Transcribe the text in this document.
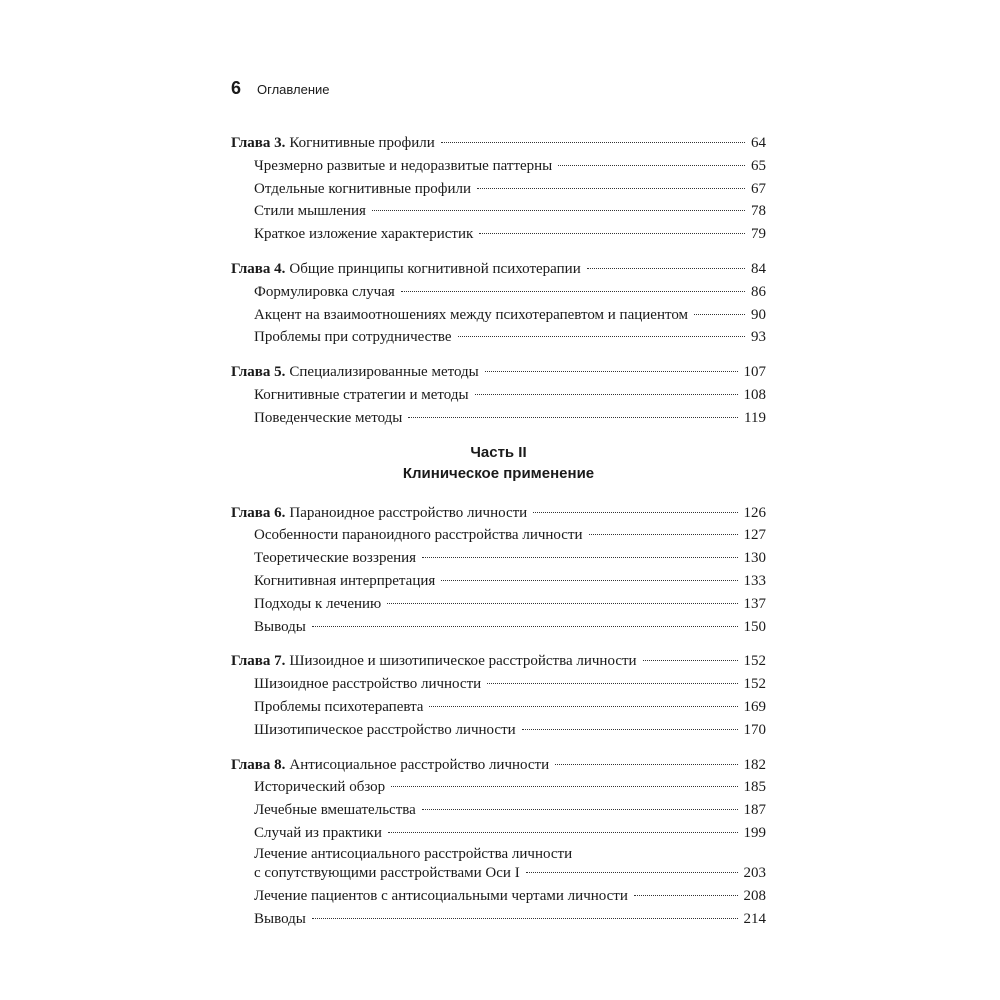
6 Оглавление
Глава 3. Когнитивные профили	64
Чрезмерно развитые и недоразвитые паттерны	65
Отдельные когнитивные профили	67
Стили мышления	78
Краткое изложение характеристик	79
Глава 4. Общие принципы когнитивной психотерапии	84
Формулировка случая	86
Акцент на взаимоотношениях между психотерапевтом и пациентом	90
Проблемы при сотрудничестве	93
Глава 5. Специализированные методы	107
Когнитивные стратегии и методы	108
Поведенческие методы	119
Часть II
Клиническое применение
Глава 6. Параноидное расстройство личности	126
Особенности параноидного расстройства личности	127
Теоретические воззрения	130
Когнитивная интерпретация	133
Подходы к лечению	137
Выводы	150
Глава 7. Шизоидное и шизотипическое расстройства личности	152
Шизоидное расстройство личности	152
Проблемы психотерапевта	169
Шизотипическое расстройство личности	170
Глава 8. Антисоциальное расстройство личности	182
Исторический обзор	185
Лечебные вмешательства	187
Случай из практики	199
Лечение антисоциального расстройства личности
с сопутствующими расстройствами Оси I	203
Лечение пациентов с антисоциальными чертами личности	208
Выводы	214
